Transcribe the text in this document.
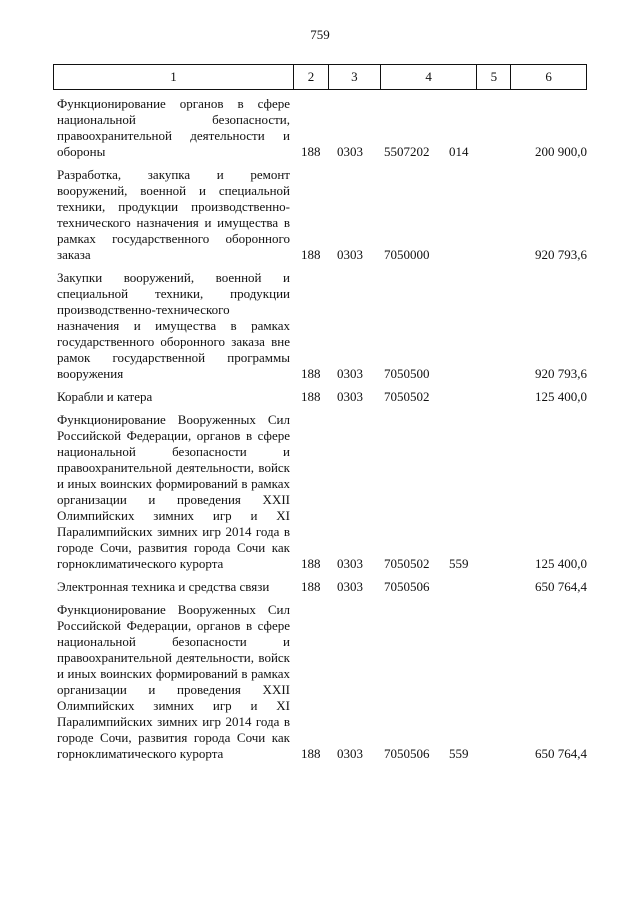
759
1	2	3	4	5	6
Функционирование органов в сфере национальной безопасности, правоохранительной деятельности и обороны	188 0303 5507202 014	200 900,0
Разработка, закупка и ремонт вооружений, военной и специальной техники, продукции производственно-технического назначения и имущества в рамках государственного оборонного заказа	188 0303 7050000	920 793,6
Закупки вооружений, военной и специальной техники, продукции производственно-технического назначения и имущества в рамках государственного оборонного заказа вне рамок государственной программы вооружения	188 0303 7050500	920 793,6
Корабли и катера	188 0303 7050502	125 400,0
Функционирование Вооруженных Сил Российской Федерации, органов в сфере национальной безопасности и правоохранительной деятельности, войск и иных воинских формирований в рамках организации и проведения XXII Олимпийских зимних игр и XI Паралимпийских зимних игр 2014 года в городе Сочи, развития города Сочи как горноклиматического курорта	188 0303 7050502 559	125 400,0
Электронная техника и средства связи	188 0303 7050506	650 764,4
Функционирование Вооруженных Сил Российской Федерации, органов в сфере национальной безопасности и правоохранительной деятельности, войск и иных воинских формирований в рамках организации и проведения XXII Олимпийских зимних игр и XI Паралимпийских зимних игр 2014 года в городе Сочи, развития города Сочи как горноклиматического курорта	188 0303 7050506 559	650 764,4
